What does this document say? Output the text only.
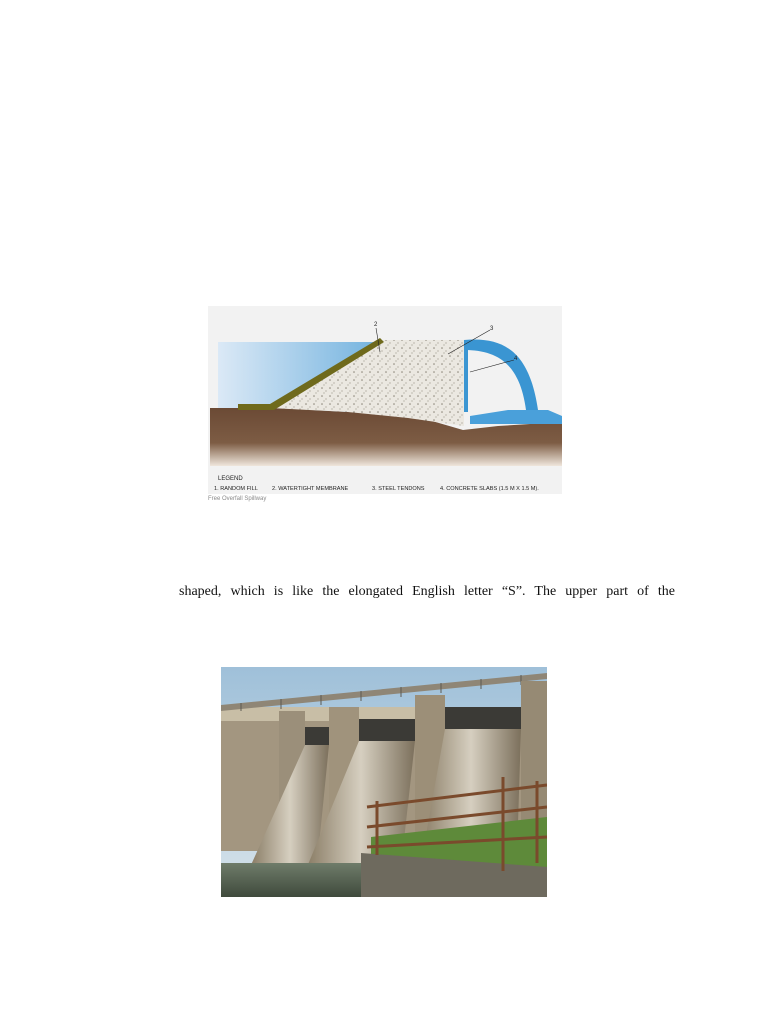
2
3
4
LEGEND
1. RANDOM FILL	2. WATERTIGHT MEMBRANE	3. STEEL TENDONS	4. CONCRETE SLABS (1.5 M X 1.5 M).
Free Overfall Spillway
shaped, which is like the elongated English letter “S”. The upper part of the
